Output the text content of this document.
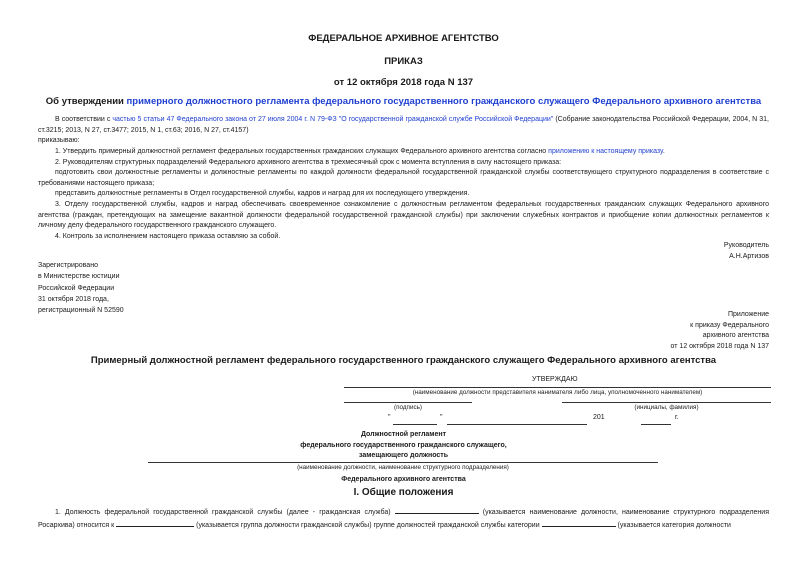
ФЕДЕРАЛЬНОЕ АРХИВНОЕ АГЕНТСТВО
ПРИКАЗ
от 12 октября 2018 года N 137
Об утверждении примерного должностного регламента федерального государственного гражданского служащего Федерального архивного агентства
В соответствии с частью 5 статьи 47 Федерального закона от 27 июля 2004 г. N 79-ФЗ "О государственной гражданской службе Российской Федерации" (Собрание законодательства Российской Федерации, 2004, N 31, ст.3215; 2013, N 27, ст.3477; 2015, N 1, ст.63; 2016, N 27, ст.4157)
приказываю:
1. Утвердить примерный должностной регламент федеральных государственных гражданских служащих Федерального архивного агентства согласно приложению к настоящему приказу.
2. Руководителям структурных подразделений Федерального архивного агентства в трехмесячный срок с момента вступления в силу настоящего приказа:
подготовить свои должностные регламенты и должностные регламенты по каждой должности федеральной государственной гражданской службы соответствующего структурного подразделения в соответствие с требованиями настоящего приказа;
представить должностные регламенты в Отдел государственной службы, кадров и наград для их последующего утверждения.
3. Отделу государственной службы, кадров и наград обеспечивать своевременное ознакомление с должностным регламентом федеральных государственных гражданских служащих Федерального архивного агентства (граждан, претендующих на замещение вакантной должности федеральной государственной гражданской службы) при заключении служебных контрактов и приобщение копии должностных регламентов к личному делу федерального государственного гражданского служащего.
4. Контроль за исполнением настоящего приказа оставляю за собой.
Руководитель
А.Н.Артизов
Зарегистрировано
в Министерстве юстиции
Российской Федерации
31 октября 2018 года,
регистрационный N 52590
Приложение
к приказу Федерального
архивного агентства
от 12 октября 2018 года N 137
Примерный должностной регламент федерального государственного гражданского служащего Федерального архивного агентства
УТВЕРЖДАЮ
(наименование должности представителя нанимателя либо лица, уполномоченного нанимателем)
(подпись)	(инициалы, фамилия)
"	"	201	г.
Должностной регламент
федерального государственного гражданского служащего,
замещающего должность
(наименование должности, наименование структурного подразделения)
Федерального архивного агентства
I. Общие положения
1. Должность федеральной государственной гражданской службы (далее - гражданская служба)	(указывается наименование должности, наименование структурного подразделения Росархива) относится к	(указывается группа должности гражданской службы) группе должностей гражданской службы категории	(указывается категория должности
